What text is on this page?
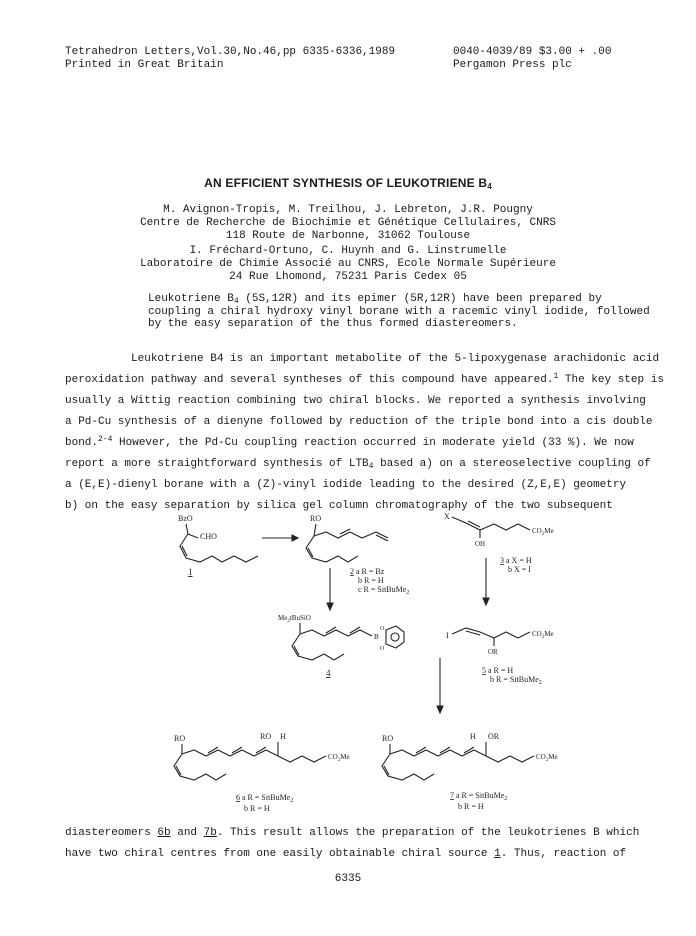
Tetrahedron Letters,Vol.30,No.46,pp 6335-6336,1989
Printed in Great Britain
0040-4039/89 $3.00 + .00
Pergamon Press plc
AN EFFICIENT SYNTHESIS OF LEUKOTRIENE $B_4$
M. Avignon-Tropis, M. Treilhou, J. Lebreton, J.R. Pougny
Centre de Recherche de Biochimie et Génétique Cellulaires, CNRS
118 Route de Narbonne, 31062 Toulouse
I. Fréchard-Ortuno, C. Huynh and G. Linstrumelle
Laboratoire de Chimie Associé au CNRS, Ecole Normale Supérieure
24 Rue Lhomond, 75231 Paris Cedex 05
Leukotriene $B_4$ (5S,12R) and its epimer (5R,12R) have been prepared by
coupling a chiral hydroxy vinyl borane with a racemic vinyl iodide, followed
by the easy separation of the thus formed diastereomers.
Leukotriene B4 is an important metabolite of the 5-lipoxygenase arachidonic acid
peroxidation pathway and several syntheses of this compound have appeared.$^1$ The key step is
usually a Wittig reaction combining two chiral blocks. We reported a synthesis involving
a Pd-Cu synthesis of a dienyne followed by reduction of the triple bond into a cis double
bond.$^{2-4}$ However, the Pd-Cu coupling reaction occurred in moderate yield (33 %). We now
report a more straightforward synthesis of $LTB_4$ based a) on a stereoselective coupling of
a (E,E)-dienyl borane with a (Z)-vinyl iodide leading to the desired (Z,E,E) geometry
b) on the easy separation by silica gel column chromatography of the two subsequent
BzO
CHO
1
RO
2 a R = Bz
b R = H
c R = SitBuMe$_2$
X
$CO_2Me$
OH
3 a X = H
b X = I
$Me_2tBuSiO$
B
O
O
4
I	$CO_2Me$
OR
5 a R = H
b R = SitBuMe$_2$
RO	RO H
$CO_2Me$
6 a R = SitBuMe$_2$
b R = H
RO	H OR
$CO_2Me$
7 a R = SitBuMe$_2$
b R = H
diastereomers 6b and 7b. This result allows the preparation of the leukotrienes B which
have two chiral centres from one easily obtainable chiral source 1. Thus, reaction of
6335
